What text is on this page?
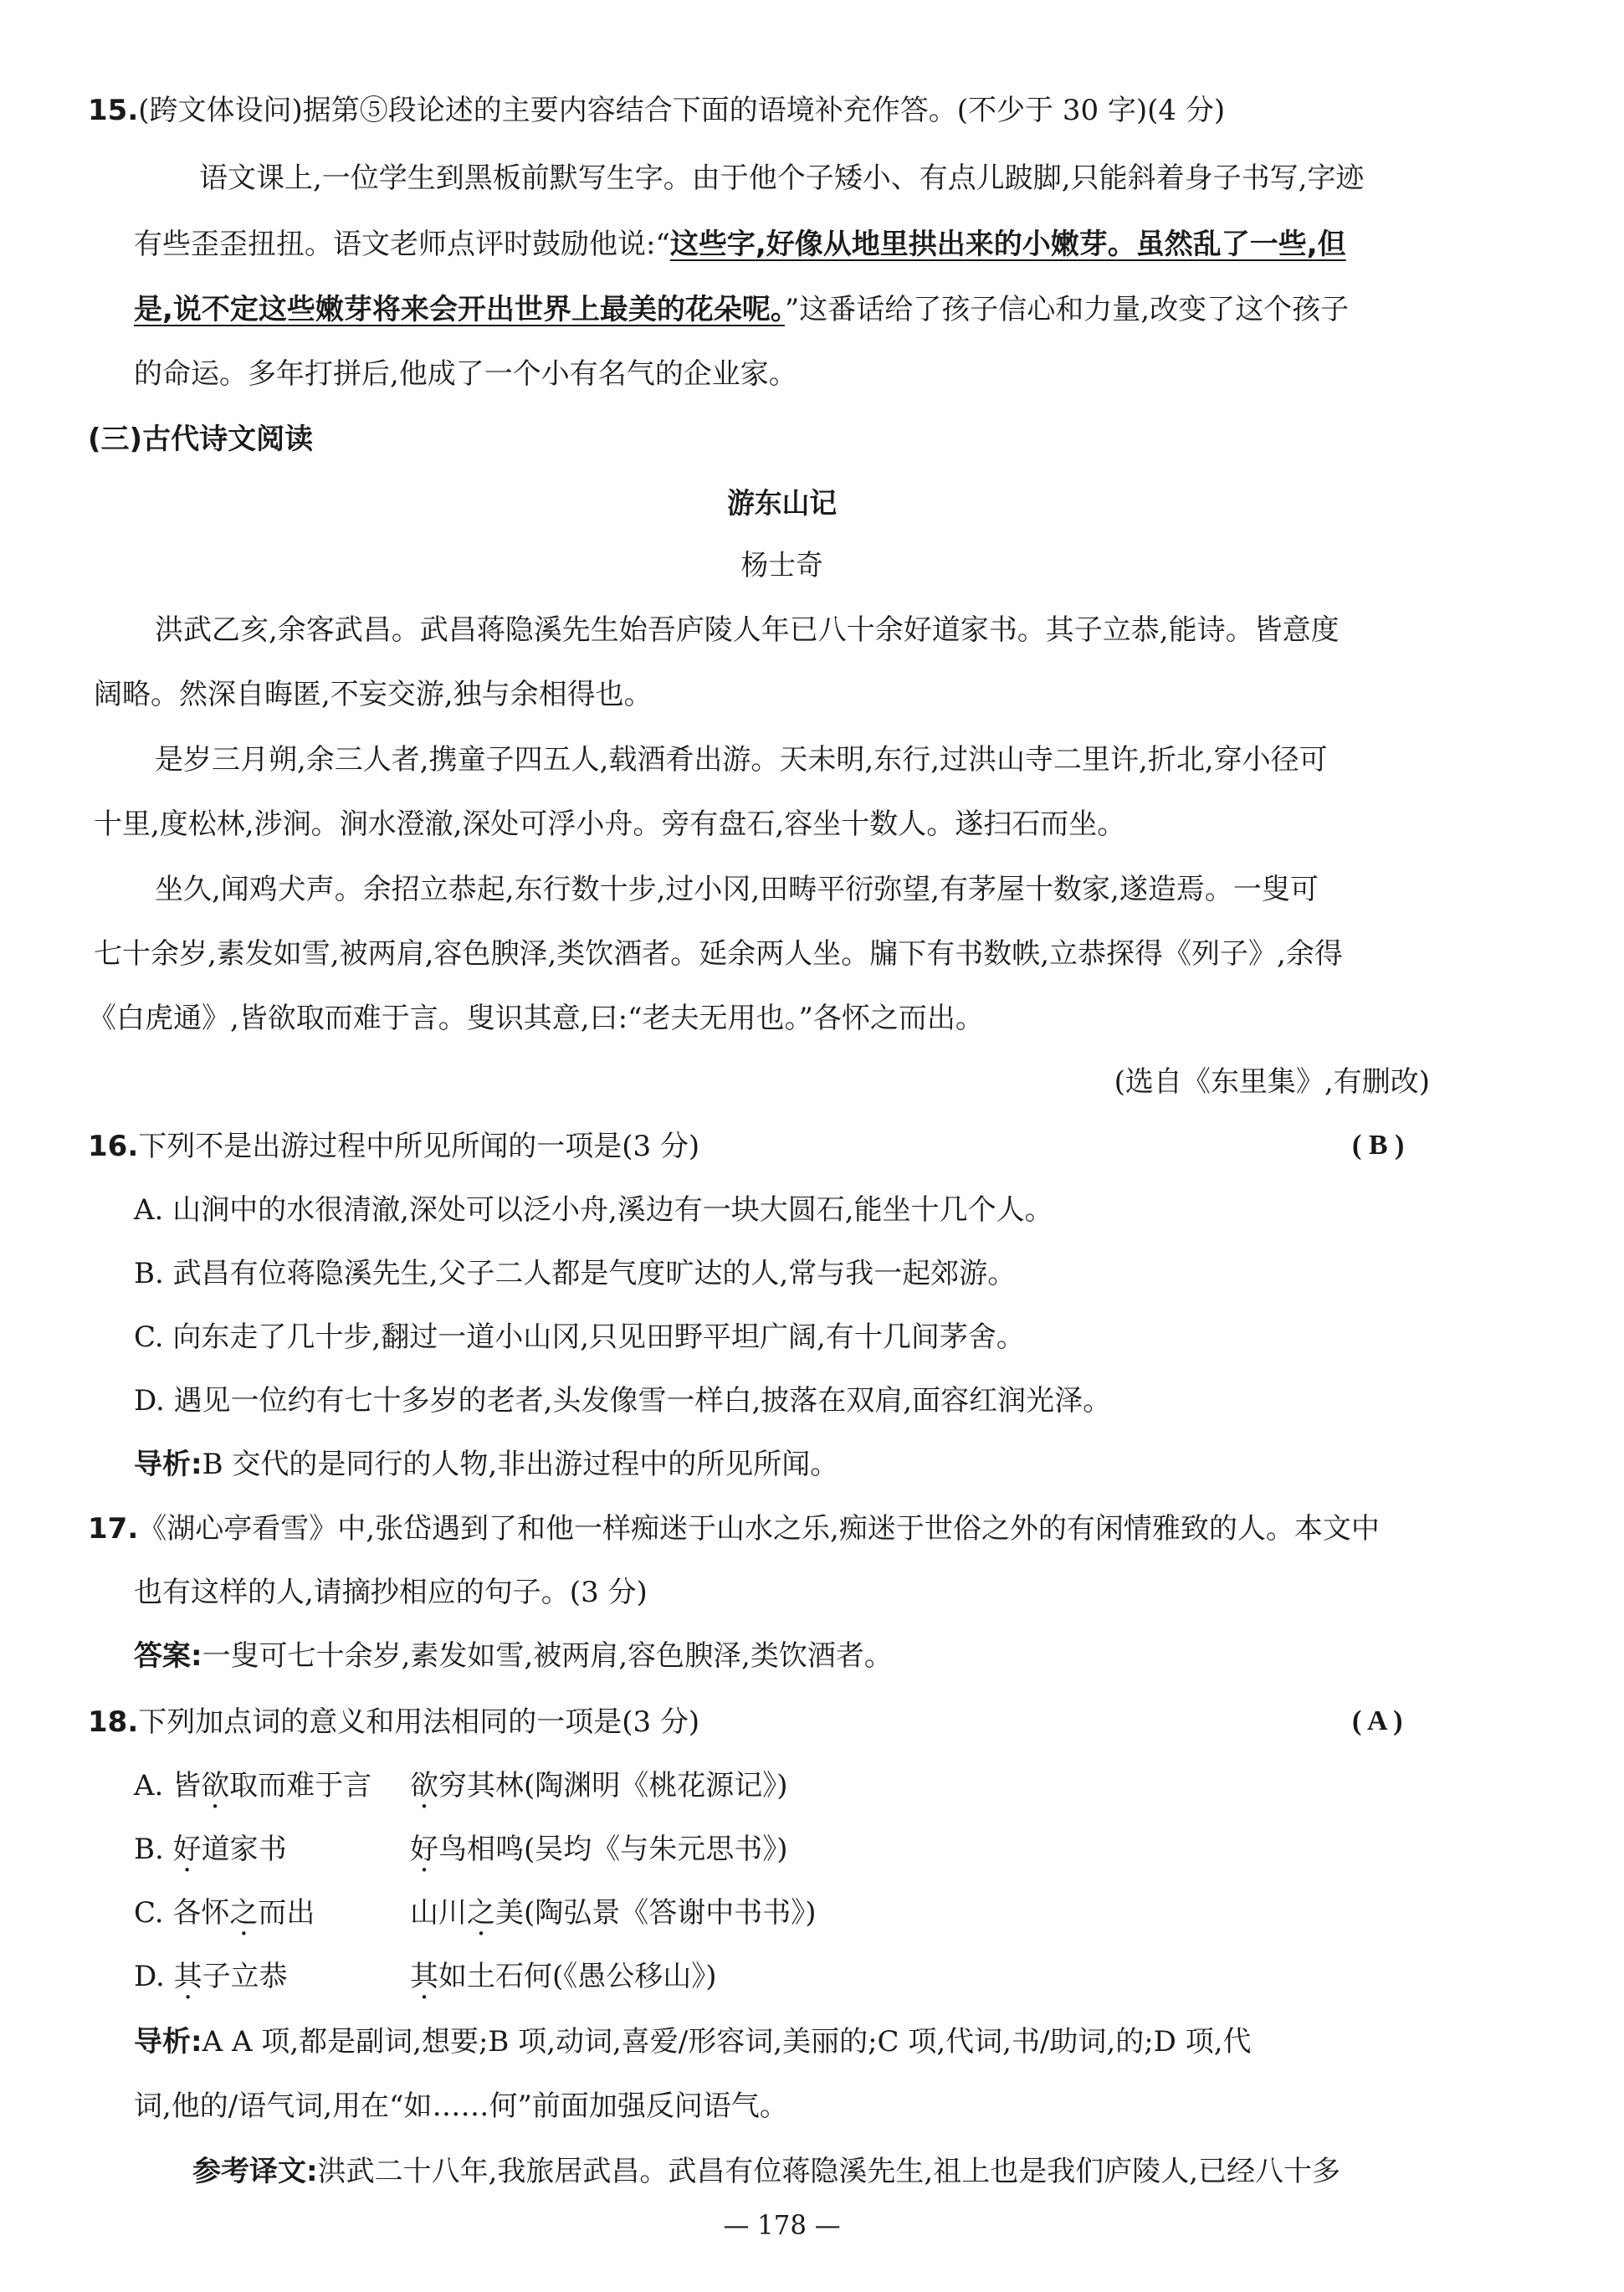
15.(跨文体设问)据第⑤段论述的主要内容结合下面的语境补充作答。(不少于 30 字)(4 分)
语文课上,一位学生到黑板前默写生字。由于他个子矮小、有点儿跛脚,只能斜着身子书写,字迹
有些歪歪扭扭。语文老师点评时鼓励他说:“这些字,好像从地里拱出来的小嫩芽。虽然乱了一些,但
是,说不定这些嫩芽将来会开出世界上最美的花朵呢。”这番话给了孩子信心和力量,改变了这个孩子
的命运。多年打拼后,他成了一个小有名气的企业家。
(三)古代诗文阅读
游东山记
杨士奇
洪武乙亥,余客武昌。武昌蒋隐溪先生始吾庐陵人年已八十余好道家书。其子立恭,能诗。皆意度
阔略。然深自晦匿,不妄交游,独与余相得也。
是岁三月朔,余三人者,携童子四五人,载酒肴出游。天未明,东行,过洪山寺二里许,折北,穿小径可
十里,度松林,涉涧。涧水澄澈,深处可浮小舟。旁有盘石,容坐十数人。遂扫石而坐。
坐久,闻鸡犬声。余招立恭起,东行数十步,过小冈,田畴平衍弥望,有茅屋十数家,遂造焉。一叟可
七十余岁,素发如雪,被两肩,容色腴泽,类饮酒者。延余两人坐。牖下有书数帙,立恭探得《列子》,余得
《白虎通》,皆欲取而难于言。叟识其意,曰:“老夫无用也。”各怀之而出。
(选自《东里集》,有删改)
16.下列不是出游过程中所见所闻的一项是(3 分)	( B )
A. 山涧中的水很清澈,深处可以泛小舟,溪边有一块大圆石,能坐十几个人。
B. 武昌有位蒋隐溪先生,父子二人都是气度旷达的人,常与我一起郊游。
C. 向东走了几十步,翻过一道小山冈,只见田野平坦广阔,有十几间茅舍。
D. 遇见一位约有七十多岁的老者,头发像雪一样白,披落在双肩,面容红润光泽。
导析:B 交代的是同行的人物,非出游过程中的所见所闻。
17.《湖心亭看雪》中,张岱遇到了和他一样痴迷于山水之乐,痴迷于世俗之外的有闲情雅致的人。本文中
也有这样的人,请摘抄相应的句子。(3 分)
答案:一叟可七十余岁,素发如雪,被两肩,容色腴泽,类饮酒者。
18.下列加点词的意义和用法相同的一项是(3 分)	( A )
A. 皆欲取而难于言 欲穷其林(陶渊明《桃花源记》)
B. 好道家书	好鸟相鸣(吴均《与朱元思书》)
C. 各怀之而出	山川之美(陶弘景《答谢中书书》)
D. 其子立恭	其如土石何(《愚公移山》)
导析:A A 项,都是副词,想要;B 项,动词,喜爱/形容词,美丽的;C 项,代词,书/助词,的;D 项,代
词,他的/语气词,用在“如……何”前面加强反问语气。
参考译文:洪武二十八年,我旅居武昌。武昌有位蒋隐溪先生,祖上也是我们庐陵人,已经八十多
— 178 —
